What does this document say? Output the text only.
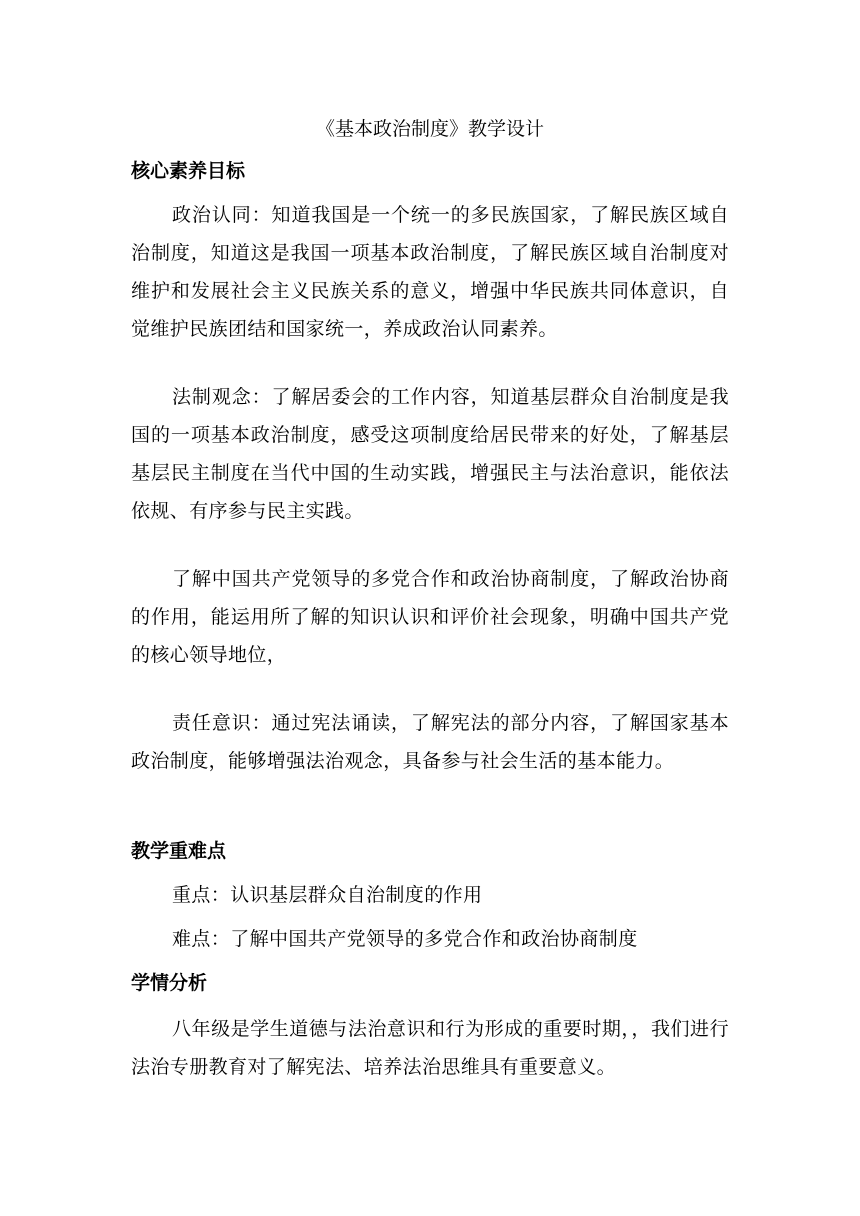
《基本政治制度》教学设计
核心素养目标

政治认同：知道我国是一个统一的多民族国家，了解民族区域自治制度，知道这是我国一项基本政治制度，了解民族区域自治制度对维护和发展社会主义民族关系的意义，增强中华民族共同体意识，自觉维护民族团结和国家统一，养成政治认同素养。

法制观念：了解居委会的工作内容，知道基层群众自治制度是我国的一项基本政治制度，感受这项制度给居民带来的好处，了解基层基层民主制度在当代中国的生动实践，增强民主与法治意识，能依法依规、有序参与民主实践。

了解中国共产党领导的多党合作和政治协商制度，了解政治协商的作用，能运用所了解的知识认识和评价社会现象，明确中国共产党的核心领导地位，

责任意识：通过宪法诵读，了解宪法的部分内容，了解国家基本政治制度，能够增强法治观念，具备参与社会生活的基本能力。

教学重难点

重点：认识基层群众自治制度的作用

难点：了解中国共产党领导的多党合作和政治协商制度

学情分析

八年级是学生道德与法治意识和行为形成的重要时期，，我们进行法治专册教育对了解宪法、培养法治思维具有重要意义。
